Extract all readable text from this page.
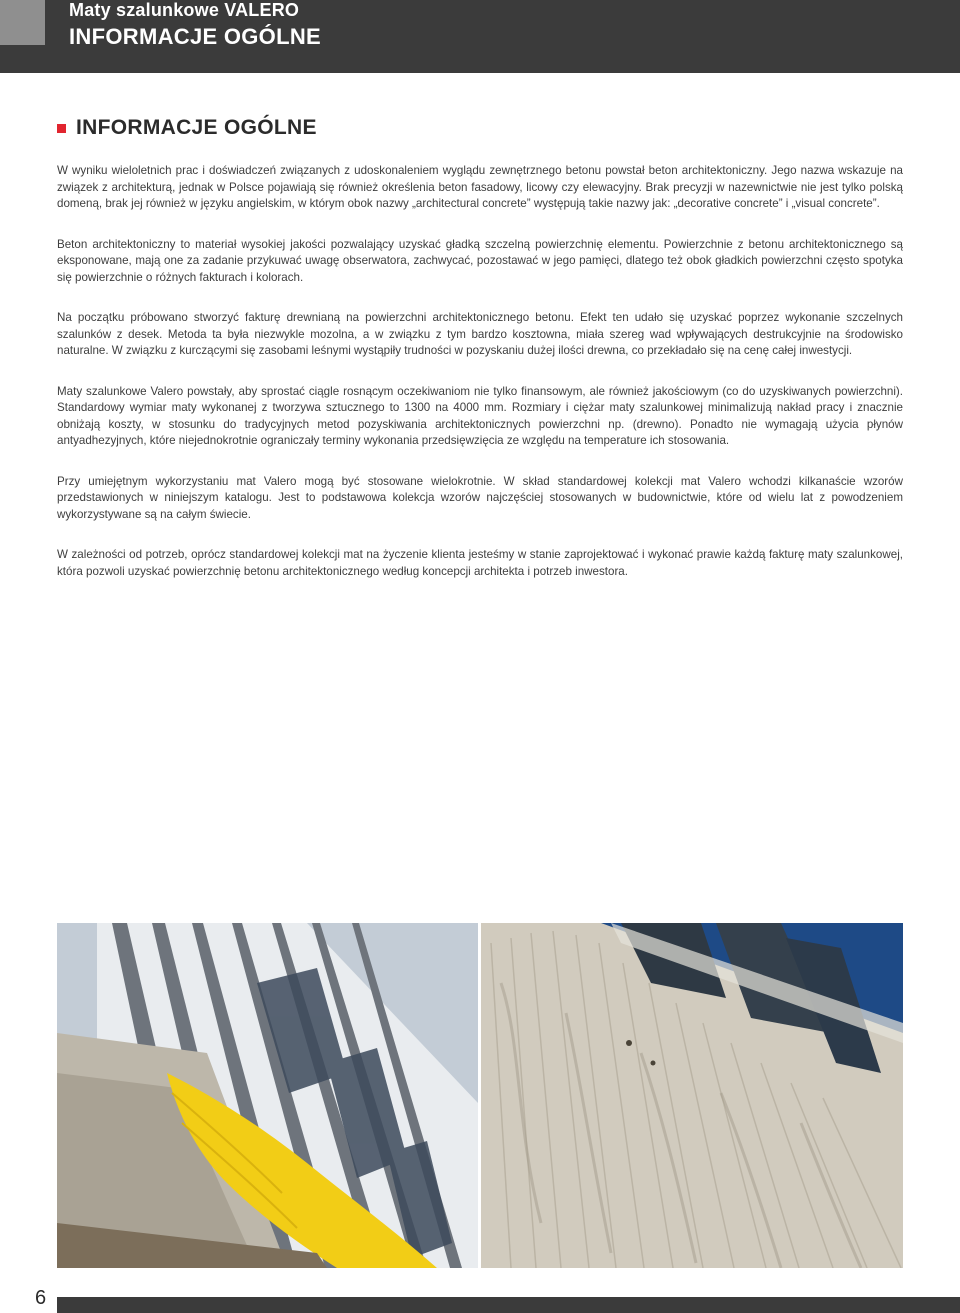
Maty szalunkowe VALERO
INFORMACJE OGÓLNE
INFORMACJE OGÓLNE

W wyniku wieloletnich prac i doświadczeń związanych z udoskonaleniem wyglądu zewnętrznego betonu powstał beton architektoniczny. Jego nazwa wskazuje na związek z architekturą, jednak w Polsce pojawiają się również określenia beton fasadowy, licowy czy elewacyjny. Brak precyzji w nazewnictwie nie jest tylko polską domeną, brak jej również w języku angielskim, w którym obok nazwy „architectural concrete” występują takie nazwy jak: „decorative concrete” i „visual concrete”.

Beton architektoniczny to materiał wysokiej jakości pozwalający uzyskać gładką szczelną powierzchnię elementu. Powierzchnie z betonu architektonicznego są eksponowane, mają one za zadanie przykuwać uwagę obserwatora, zachwycać, pozostawać w jego pamięci, dlatego też obok gładkich powierzchni często spotyka się powierzchnie o różnych fakturach i kolorach.

Na początku próbowano stworzyć fakturę drewnianą na powierzchni architektonicznego betonu. Efekt ten udało się uzyskać poprzez wykonanie szczelnych szalunków z desek. Metoda ta była niezwykle mozolna, a w związku z tym bardzo kosztowna, miała szereg wad wpływających destrukcyjnie na środowisko naturalne. W związku z kurczącymi się zasobami leśnymi wystąpiły trudności w pozyskaniu dużej ilości drewna, co przekładało się na cenę całej inwestycji.

Maty szalunkowe Valero powstały, aby sprostać ciągle rosnącym oczekiwaniom nie tylko finansowym, ale również jakościowym (co do uzyskiwanych powierzchni). Standardowy wymiar maty wykonanej z tworzywa sztucznego to 1300 na 4000 mm. Rozmiary i ciężar maty szalunkowej minimalizują nakład pracy i znacznie obniżają koszty, w stosunku do tradycyjnych metod pozyskiwania architektonicznych powierzchni np. (drewno). Ponadto nie wymagają użycia płynów antyadhezyjnych, które niejednokrotnie ograniczały terminy wykonania przedsięwzięcia ze względu na temperature ich stosowania.

Przy umiejętnym wykorzystaniu mat Valero mogą być stosowane wielokrotnie. W skład standardowej kolekcji mat Valero wchodzi kilkanaście wzorów przedstawionych w niniejszym katalogu. Jest to podstawowa kolekcja wzorów najczęściej stosowanych w budownictwie, które od wielu lat z powodzeniem wykorzystywane są na całym świecie.

W zależności od potrzeb, oprócz standardowej kolekcji mat na życzenie klienta jesteśmy w stanie zaprojektować i wykonać prawie każdą fakturę maty szalunkowej, która pozwoli uzyskać powierzchnię betonu architektonicznego według koncepcji architekta i potrzeb inwestora.

6
